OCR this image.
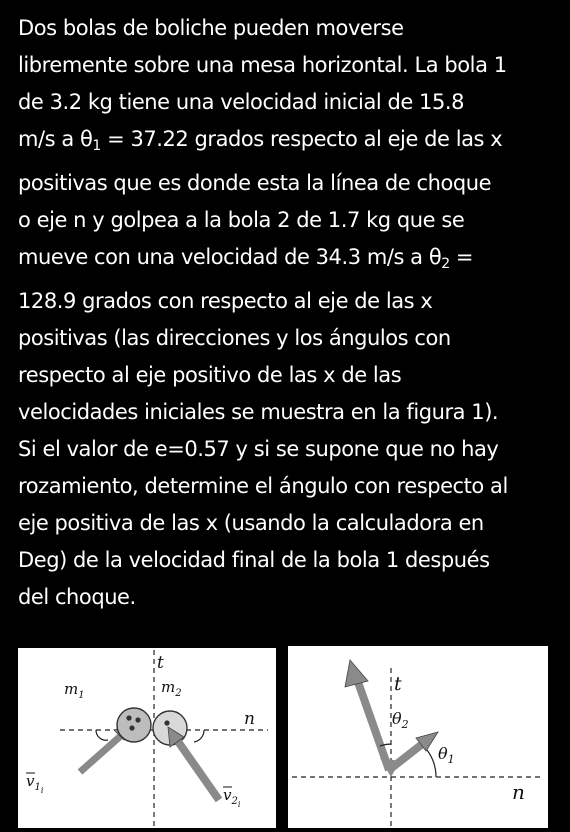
Dos bolas de boliche pueden moverse
libremente sobre una mesa horizontal. La bola 1
de 3.2 kg tiene una velocidad inicial de 15.8
m/s a $\theta_1 = 37.22$ grados respecto al eje de las x
positivas que es donde esta la línea de choque
o eje n y golpea a la bola 2 de 1.7 kg que se
mueve con una velocidad de 34.3 m/s a $\theta_2$ =
128.9 grados con respecto al eje de las x
positivas (las direcciones y los ángulos con
respecto al eje positivo de las x de las
velocidades iniciales se muestra en la figura 1).
Si el valor de e=0.57 y si se supone que no hay
rozamiento, determine el ángulo con respecto al
eje positiva de las x (usando la calculadora en
Deg) de la velocidad final de la bola 1 después
del choque.
t
$m_1$	$m_2$
n
$v_{1i}$	$v_{2i}$
t
$\theta_2$
$\theta_1$
n
